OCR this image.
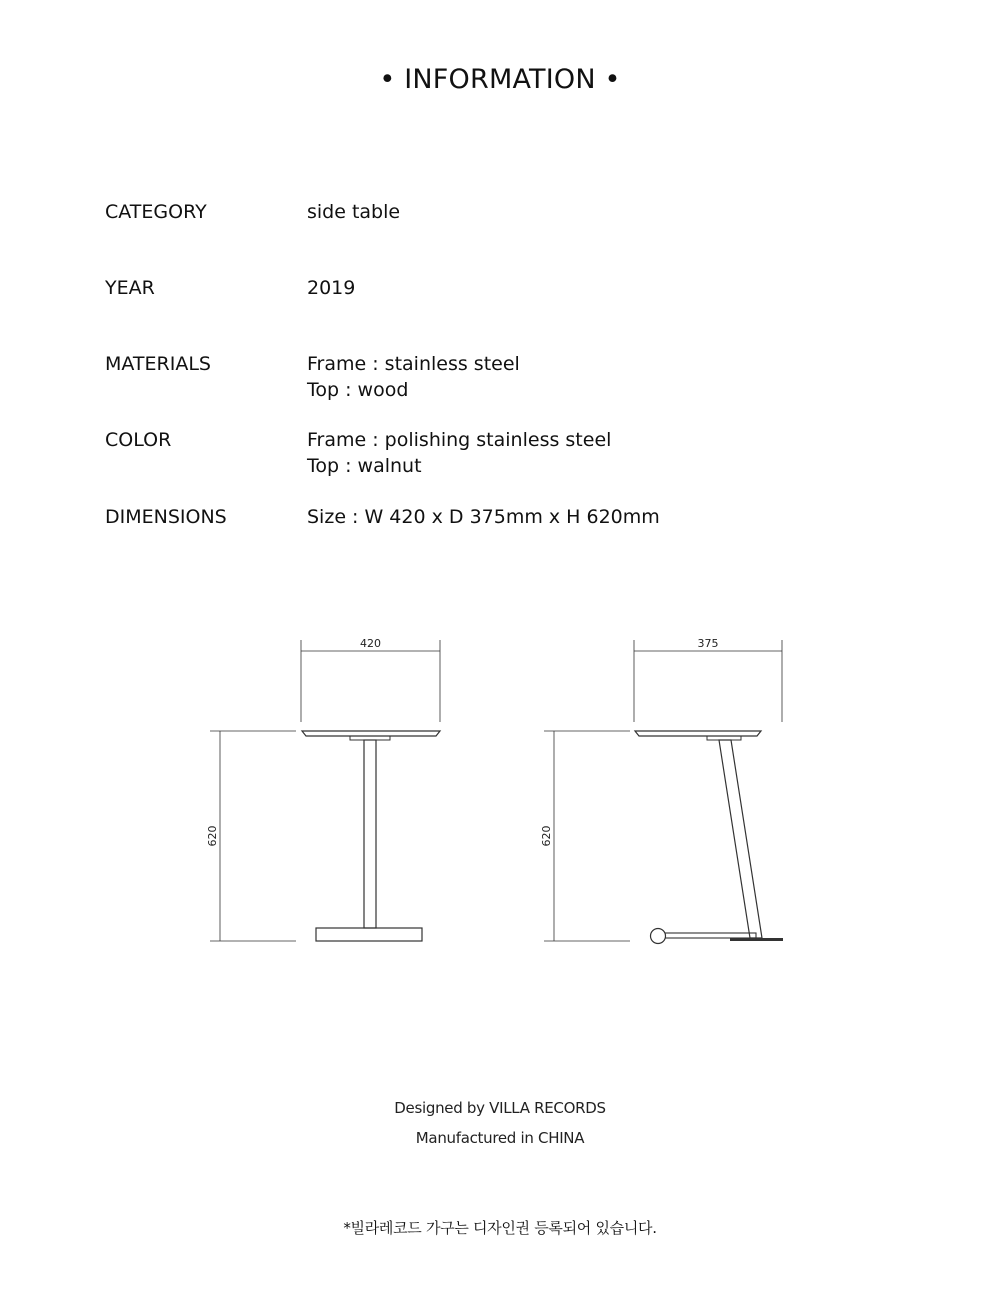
• INFORMATION •
CATEGORY	side table
YEAR	2019
MATERIALS	Frame : stainless steel
Top : wood
COLOR	Frame : polishing stainless steel
Top : walnut
DIMENSIONS	Size : W 420 x D 375mm x H 620mm
420
620
375
620
Designed by VILLA RECORDS
Manufactured in CHINA
*빌라레코드 가구는 디자인권 등록되어 있습니다.
